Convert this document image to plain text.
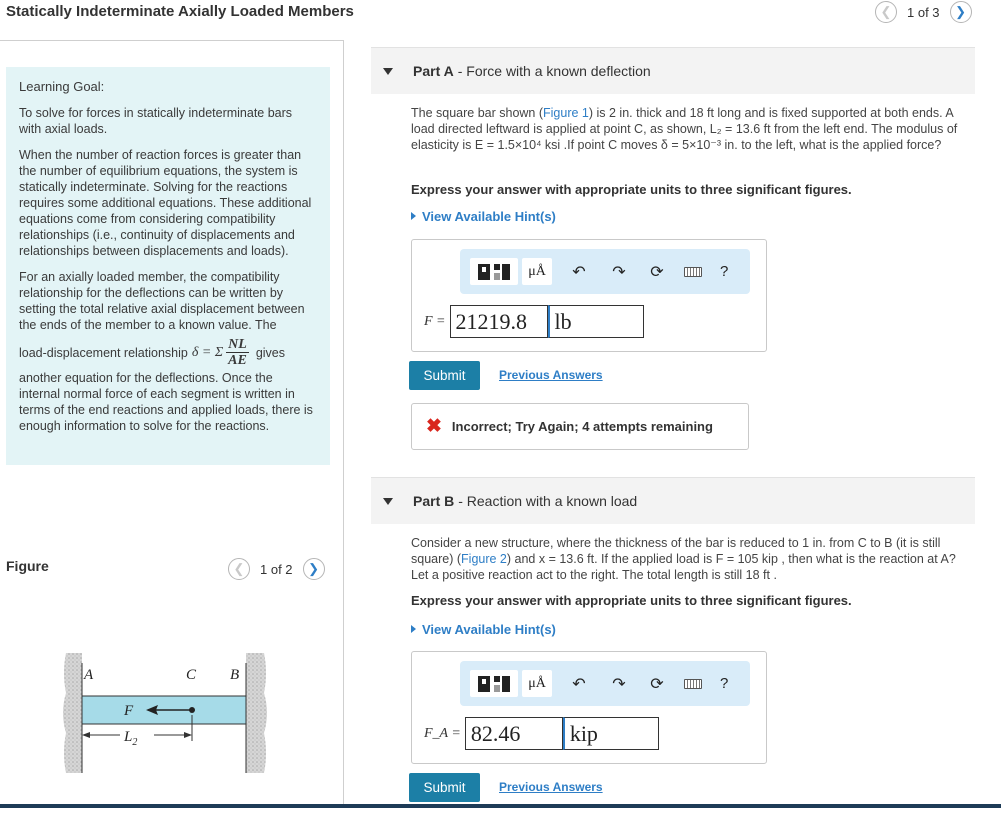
Statically Indeterminate Axially Loaded Members	❮	1 of 3	❯
Learning Goal:

To solve for forces in statically indeterminate bars with axial loads.

When the number of reaction forces is greater than the number of equilibrium equations, the system is statically indeterminate. Solving for the reactions requires some additional equations. These additional equations come from considering compatibility relationships (i.e., continuity of displacements and relationships between displacements and loads).

For an axially loaded member, the compatibility relationship for the deflections can be written by setting the total relative axial displacement between the ends of the member to a known value. The

load-displacement relationship δ = Σ $\frac{NL}{AE}$ gives

another equation for the deflections. Once the internal normal force of each segment is written in terms of the end reactions and applied loads, there is enough information to solve for the reactions.

Figure	❮	1 of 2	❯
A	C B
F
$L_2$
Part A - Force with a known deflection
The square bar shown (Figure 1) is 2 in. thick and 18 ft long and is fixed supported at both ends. A load directed leftward is applied at point C, as shown, L₂ = 13.6 ft from the left end. The modulus of elasticity is E = 1.5×10⁴ ksi .If point C moves δ = 5×10⁻³ in. to the left, what is the applied force?
Express your answer with appropriate units to three significant figures.
View Available Hint(s)
μÅ	↶	↷	⟳	?
F = 21219.8	lb
Submit	Previous Answers
✖ Incorrect; Try Again; 4 attempts remaining
Part B - Reaction with a known load
Consider a new structure, where the thickness of the bar is reduced to 1 in. from C to B (it is still square) (Figure 2) and x = 13.6 ft. If the applied load is F = 105 kip , then what is the reaction at A? Let a positive reaction act to the right. The total length is still 18 ft .
Express your answer with appropriate units to three significant figures.
View Available Hint(s)
μÅ	↶	↷	⟳	?
F_A = 82.46	kip
Submit	Previous Answers
